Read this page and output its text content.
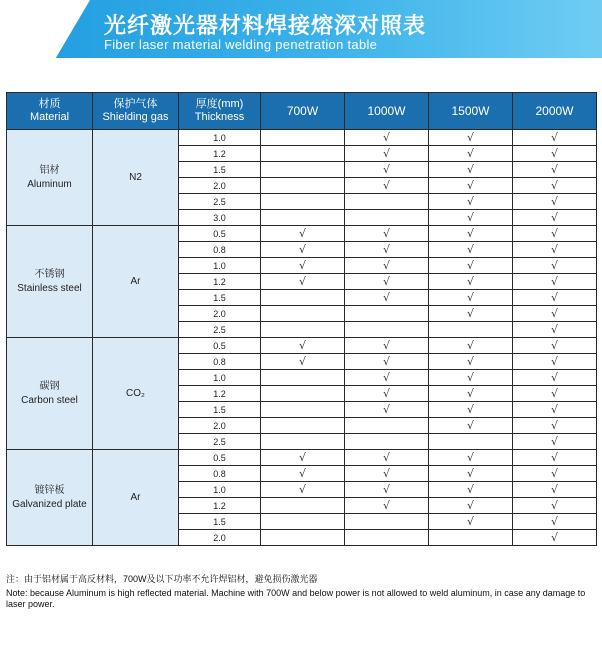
光纤激光器材料焊接熔深对照表
Fiber laser material welding penetration table
材质
Material	保护气体
Shielding gas	厚度(mm)
Thickness	700W	1000W	1500W	2000W
铝材
Aluminum	N2	1.0		√	√	√
		1.2		√	√	√
		1.5		√	√	√
		2.0		√	√	√
		2.5			√	√
		3.0			√	√
不锈钢
Stainless steel	Ar	0.5	√	√	√	√
		0.8	√	√	√	√
		1.0	√	√	√	√
		1.2	√	√	√	√
		1.5		√	√	√
		2.0			√	√
		2.5				√
碳钢
Carbon steel	CO₂	0.5	√	√	√	√
		0.8	√	√	√	√
		1.0		√	√	√
		1.2		√	√	√
		1.5		√	√	√
		2.0			√	√
		2.5				√
镀锌板
Galvanized plate	Ar	0.5	√	√	√	√
		0.8	√	√	√	√
		1.0	√	√	√	√
		1.2		√	√	√
		1.5			√	√
		2.0				√
注：由于铝材属于高反材料，700W及以下功率不允许焊铝材，避免损伤激光器
Note: because Aluminum is high reflected material. Machine with 700W and below power is not allowed to weld aluminum, in case any damage to laser power.
